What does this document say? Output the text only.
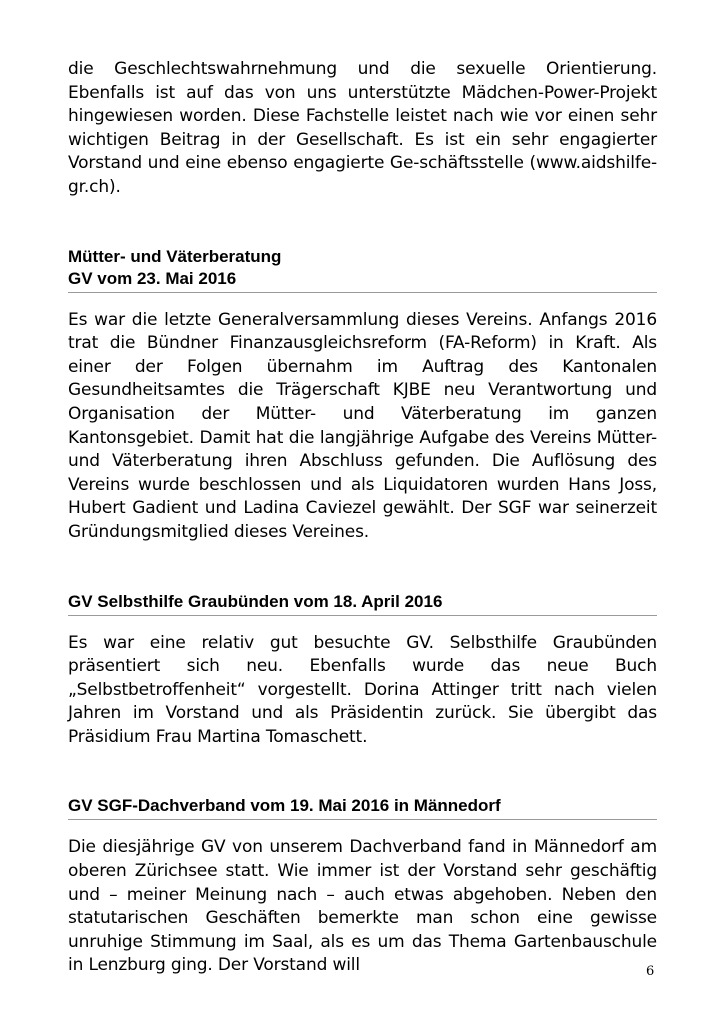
die Geschlechtswahrnehmung und die sexuelle Orientierung. Ebenfalls ist auf das von uns unterstützte Mädchen-Power-Projekt hingewiesen worden. Diese Fachstelle leistet nach wie vor einen sehr wichtigen Beitrag in der Gesellschaft. Es ist ein sehr engagierter Vorstand und eine ebenso engagierte Ge-schäftsstelle (www.aidshilfe-gr.ch).

Mütter- und Väterberatung

GV vom 23. Mai 2016

Es war die letzte Generalversammlung dieses Vereins. Anfangs 2016 trat die Bündner Finanzausgleichsreform (FA-Reform) in Kraft. Als einer der Folgen übernahm im Auftrag des Kantonalen Gesundheitsamtes die Trägerschaft KJBE neu Verantwortung und Organisation der Mütter- und Väterberatung im ganzen Kantonsgebiet. Damit hat die langjährige Aufgabe des Vereins Mütter- und Väterberatung ihren Abschluss gefunden. Die Auflösung des Vereins wurde beschlossen und als Liquidatoren wurden Hans Joss, Hubert Gadient und Ladina Caviezel gewählt. Der SGF war seinerzeit Gründungsmitglied dieses Vereines.

GV Selbsthilfe Graubünden vom 18. April 2016

Es war eine relativ gut besuchte GV. Selbsthilfe Graubünden präsentiert sich neu. Ebenfalls wurde das neue Buch „Selbstbetroffenheit“ vorgestellt. Dorina Attinger tritt nach vielen Jahren im Vorstand und als Präsidentin zurück. Sie übergibt das Präsidium Frau Martina Tomaschett.

GV SGF-Dachverband vom 19. Mai 2016 in Männedorf

Die diesjährige GV von unserem Dachverband fand in Männedorf am oberen Zürichsee statt. Wie immer ist der Vorstand sehr geschäftig und – meiner Meinung nach – auch etwas abgehoben. Neben den statutarischen Geschäften bemerkte man schon eine gewisse unruhige Stimmung im Saal, als es um das Thema Gartenbauschule in Lenzburg ging. Der Vorstand will	6
